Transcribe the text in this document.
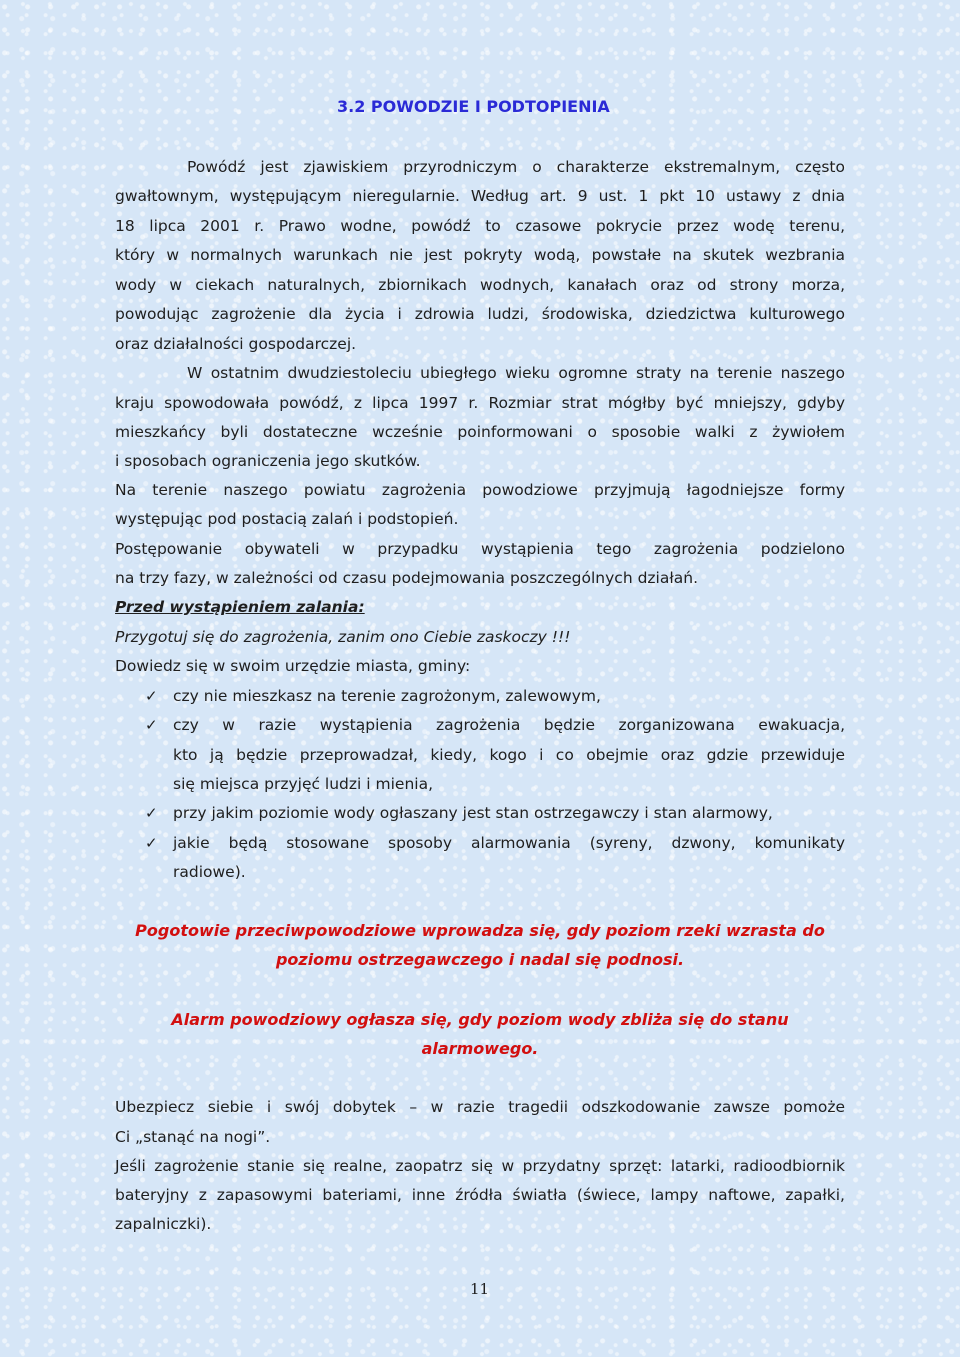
3.2 POWODZIE I PODTOPIENIA

Powódź jest zjawiskiem przyrodniczym o charakterze ekstremalnym, często

gwałtownym, występującym nieregularnie. Według art. 9 ust. 1 pkt 10 ustawy z dnia

18 lipca 2001 r. Prawo wodne, powódź to czasowe pokrycie przez wodę terenu,

który w normalnych warunkach nie jest pokryty wodą, powstałe na skutek wezbrania

wody w ciekach naturalnych, zbiornikach wodnych, kanałach oraz od strony morza,

powodując zagrożenie dla życia i zdrowia ludzi, środowiska, dziedzictwa kulturowego

oraz działalności gospodarczej.

W ostatnim dwudziestoleciu ubiegłego wieku ogromne straty na terenie naszego

kraju spowodowała powódź, z lipca 1997 r. Rozmiar strat mógłby być mniejszy, gdyby

mieszkańcy byli dostateczne wcześnie poinformowani o sposobie walki z żywiołem

i sposobach ograniczenia jego skutków.

Na terenie naszego powiatu zagrożenia powodziowe przyjmują łagodniejsze formy

występując pod postacią zalań i podstopień.

Postępowanie obywateli w przypadku wystąpienia tego zagrożenia podzielono

na trzy fazy, w zależności od czasu podejmowania poszczególnych działań.

Przed wystąpieniem zalania:

Przygotuj się do zagrożenia, zanim ono Ciebie zaskoczy !!!

Dowiedz się w swoim urzędzie miasta, gminy:

✓ czy nie mieszkasz na terenie zagrożonym, zalewowym,

✓ czy w razie wystąpienia zagrożenia będzie zorganizowana ewakuacja,

kto ją będzie przeprowadzał, kiedy, kogo i co obejmie oraz gdzie przewiduje

się miejsca przyjęć ludzi i mienia,

✓ przy jakim poziomie wody ogłaszany jest stan ostrzegawczy i stan alarmowy,

✓ jakie będą stosowane sposoby alarmowania (syreny, dzwony, komunikaty

radiowe).

Pogotowie przeciwpowodziowe wprowadza się, gdy poziom rzeki wzrasta do

poziomu ostrzegawczego i nadal się podnosi.

Alarm powodziowy ogłasza się, gdy poziom wody zbliża się do stanu

alarmowego.

Ubezpiecz siebie i swój dobytek – w razie tragedii odszkodowanie zawsze pomoże

Ci „stanąć na nogi”.

Jeśli zagrożenie stanie się realne, zaopatrz się w przydatny sprzęt: latarki, radioodbiornik

bateryjny z zapasowymi bateriami, inne źródła światła (świece, lampy naftowe, zapałki,

zapalniczki).

11
